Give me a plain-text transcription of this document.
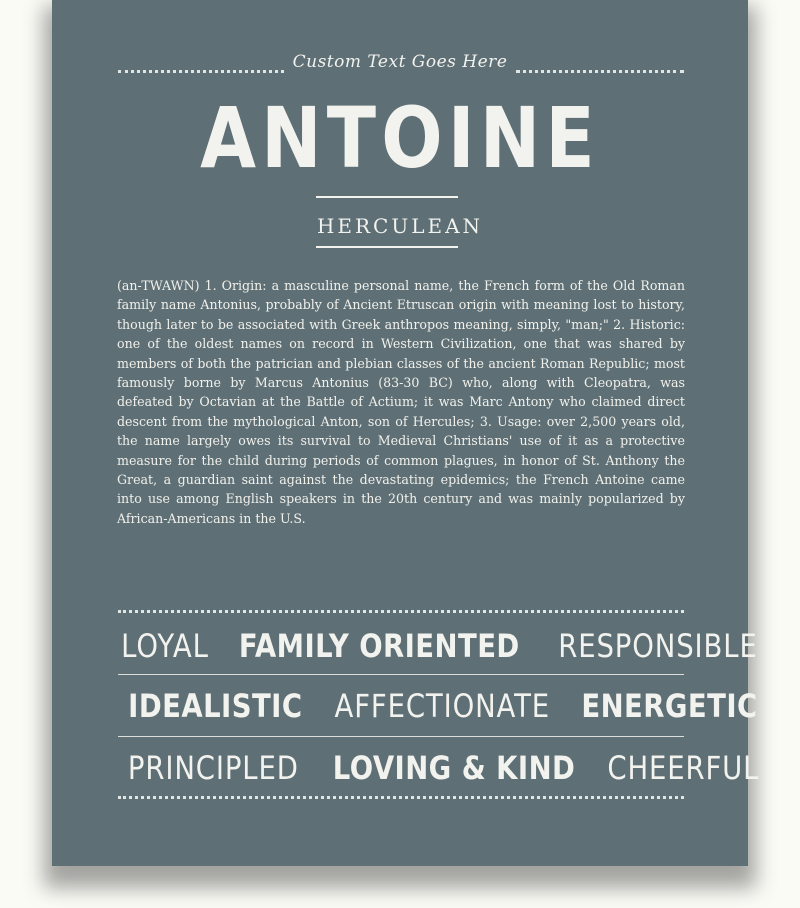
Custom Text Goes Here
ANTOINE
HERCULEAN
(an-TWAWN) 1. Origin: a masculine personal name, the French form of the Old Roman family name Antonius, probably of Ancient Etruscan origin with meaning lost to history, though later to be associated with Greek anthropos meaning, simply, "man;" 2. Historic: one of the oldest names on record in Western Civilization, one that was shared by members of both the patrician and plebian classes of the ancient Roman Republic; most famously borne by Marcus Antonius (83-30 BC) who, along with Cleopatra, was defeated by Octavian at the Battle of Actium; it was Marc Antony who claimed direct descent from the mythological Anton, son of Hercules; 3. Usage: over 2,500 years old, the name largely owes its survival to Medieval Christians' use of it as a protective measure for the child during periods of common plagues, in honor of St. Anthony the Great, a guardian saint against the devastating epidemics; the French Antoine came into use among English speakers in the 20th century and was mainly popularized by African-Americans in the U.S.
LOYAL FAMILY ORIENTED RESPONSIBLE
IDEALISTIC AFFECTIONATE ENERGETIC
PRINCIPLED LOVING & KIND CHEERFUL
